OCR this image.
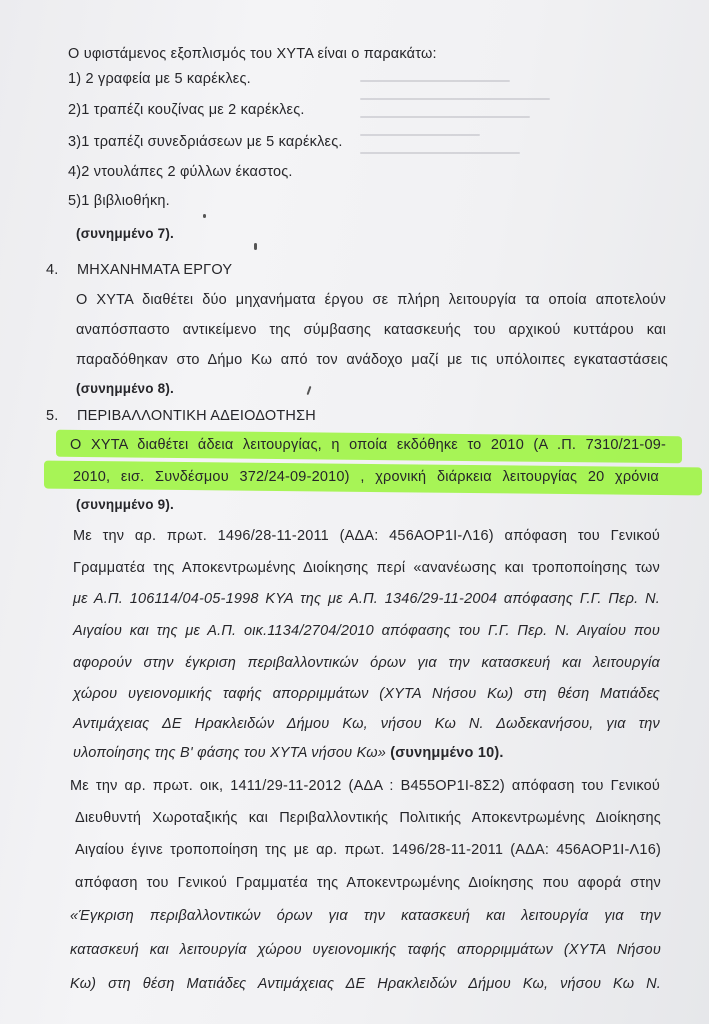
Ο υφιστάμενος εξοπλισμός του ΧΥΤΑ είναι ο παρακάτω:
1) 2 γραφεία με 5 καρέκλες.
2)1 τραπέζι κουζίνας με 2 καρέκλες.
3)1 τραπέζι συνεδριάσεων με 5 καρέκλες.
4)2 ντουλάπες 2 φύλλων έκαστος.
5)1 βιβλιοθήκη.
(συνημμένο 7).
4. ΜΗΧΑΝΗΜΑΤΑ ΕΡΓΟΥ
Ο ΧΥΤΑ διαθέτει δύο μηχανήματα έργου σε πλήρη λειτουργία τα οποία αποτελούν
αναπόσπαστο αντικείμενο της σύμβασης κατασκευής του αρχικού κυττάρου και
παραδόθηκαν στο Δήμο Κω από τον ανάδοχο μαζί με τις υπόλοιπες εγκαταστάσεις
(συνημμένο 8).
5. ΠΕΡΙΒΑΛΛΟΝΤΙΚΗ ΑΔΕΙΟΔΟΤΗΣΗ
Ο ΧΥΤΑ διαθέτει άδεια λειτουργίας, η οποία εκδόθηκε το 2010 (Α .Π. 7310/21-09-
2010, εισ. Συνδέσμου 372/24-09-2010) , χρονική διάρκεια λειτουργίας 20 χρόνια
(συνημμένο 9).
Με την αρ. πρωτ. 1496/28-11-2011 (ΑΔΑ: 456ΑΟΡ1Ι-Λ16) απόφαση του Γενικού
Γραμματέα της Αποκεντρωμένης Διοίκησης περί «ανανέωσης και τροποποίησης των
με Α.Π. 106114/04-05-1998 ΚΥΑ της με Α.Π. 1346/29-11-2004 απόφασης Γ.Γ. Περ. Ν.
Αιγαίου και της με Α.Π. οικ.1134/2704/2010 απόφασης του Γ.Γ. Περ. Ν. Αιγαίου που
αφορούν στην έγκριση περιβαλλοντικών όρων για την κατασκευή και λειτουργία
χώρου υγειονομικής ταφής απορριμμάτων (ΧΥΤΑ Νήσου Κω) στη θέση Ματιάδες
Αντιμάχειας ΔΕ Ηρακλειδών Δήμου Κω, νήσου Κω Ν. Δωδεκανήσου, για την
υλοποίησης της Β' φάσης του ΧΥΤΑ νήσου Κω» (συνημμένο 10).
Με την αρ. πρωτ. οικ, 1411/29-11-2012 (ΑΔΑ : Β455ΟΡ1Ι-8Σ2) απόφαση του Γενικού
Διευθυντή Χωροταξικής και Περιβαλλοντικής Πολιτικής Αποκεντρωμένης Διοίκησης
Αιγαίου έγινε τροποποίηση της με αρ. πρωτ. 1496/28-11-2011 (ΑΔΑ: 456ΑΟΡ1Ι-Λ16)
απόφαση του Γενικού Γραμματέα της Αποκεντρωμένης Διοίκησης που αφορά στην
«Έγκριση περιβαλλοντικών όρων για την κατασκευή και λειτουργία για την
κατασκευή και λειτουργία χώρου υγειονομικής ταφής απορριμμάτων (ΧΥΤΑ Νήσου
Κω) στη θέση Ματιάδες Αντιμάχειας ΔΕ Ηρακλειδών Δήμου Κω, νήσου Κω Ν.
